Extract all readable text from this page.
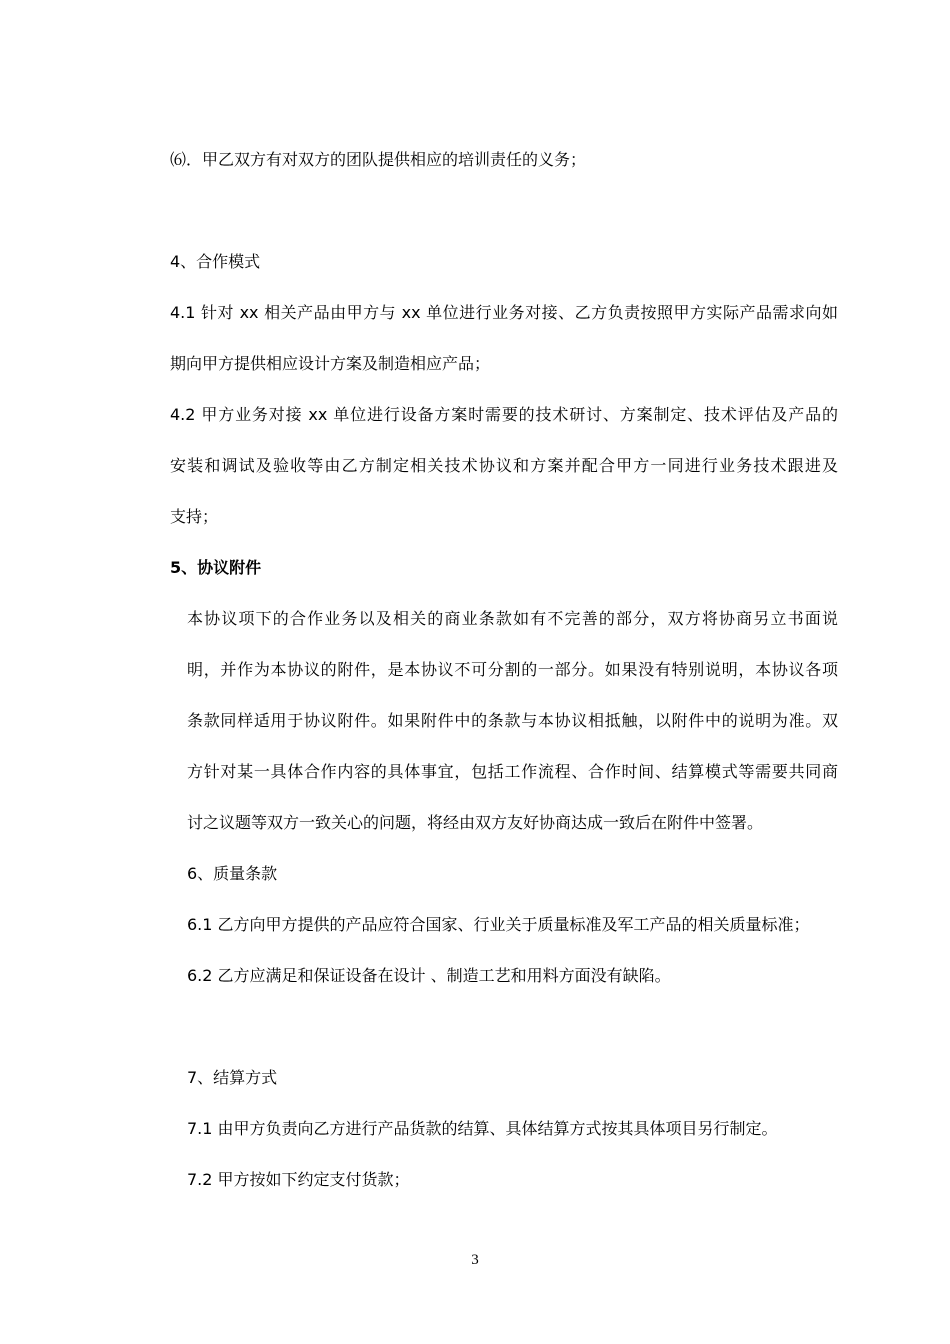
⑹．甲乙双方有对双方的团队提供相应的培训责任的义务；

4、合作模式

4.1 针对 xx 相关产品由甲方与 xx 单位进行业务对接、乙方负责按照甲方实际产品需求向如

期向甲方提供相应设计方案及制造相应产品；

4.2 甲方业务对接 xx 单位进行设备方案时需要的技术研讨、方案制定、技术评估及产品的

安装和调试及验收等由乙方制定相关技术协议和方案并配合甲方一同进行业务技术跟进及

支持；

5、协议附件

本协议项下的合作业务以及相关的商业条款如有不完善的部分，双方将协商另立书面说

明，并作为本协议的附件，是本协议不可分割的一部分。如果没有特别说明，本协议各项

条款同样适用于协议附件。如果附件中的条款与本协议相抵触，以附件中的说明为准。双

方针对某一具体合作内容的具体事宜，包括工作流程、合作时间、结算模式等需要共同商

讨之议题等双方一致关心的问题，将经由双方友好协商达成一致后在附件中签署。

6、质量条款

6.1 乙方向甲方提供的产品应符合国家、行业关于质量标准及军工产品的相关质量标准；

6.2 乙方应满足和保证设备在设计 、制造工艺和用料方面没有缺陷。

7、结算方式

7.1 由甲方负责向乙方进行产品货款的结算、具体结算方式按其具体项目另行制定。

7.2 甲方按如下约定支付货款；

3
